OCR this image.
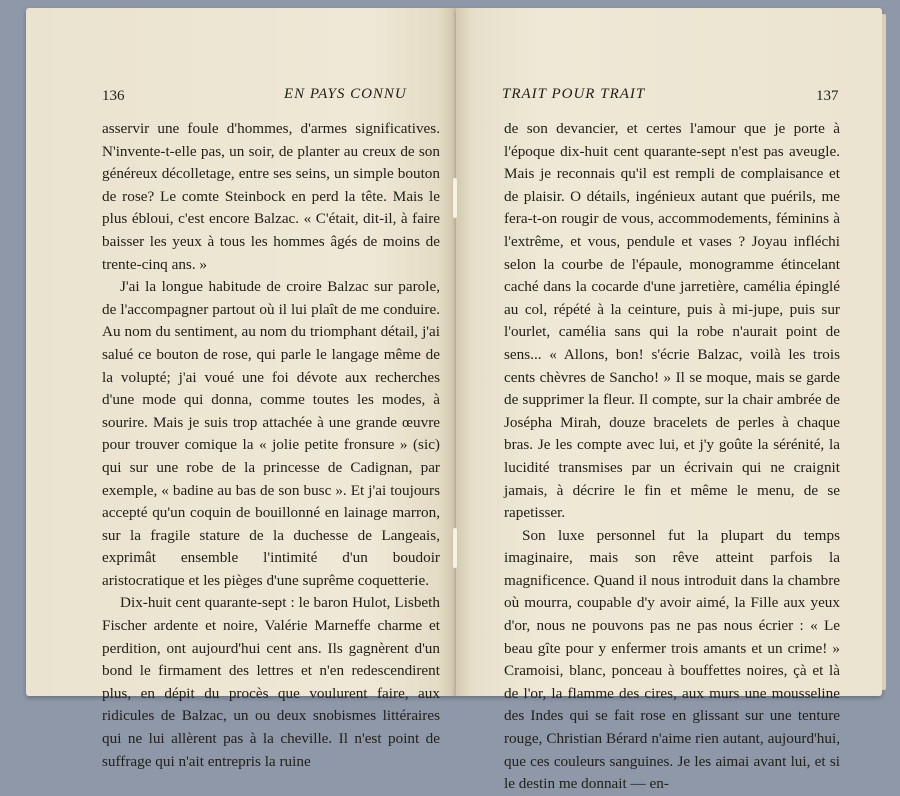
136	EN PAYS CONNU

asservir une foule d'hommes, d'armes significatives. N'invente-t-elle pas, un soir, de planter au creux de son généreux décolletage, entre ses seins, un simple bouton de rose? Le comte Steinbock en perd la tête. Mais le plus ébloui, c'est encore Balzac. « C'était, dit-il, à faire baisser les yeux à tous les hommes âgés de moins de trente-cinq ans. »

J'ai la longue habitude de croire Balzac sur parole, de l'accompagner partout où il lui plaît de me conduire. Au nom du sentiment, au nom du triomphant détail, j'ai salué ce bouton de rose, qui parle le langage même de la volupté; j'ai voué une foi dévote aux recherches d'une mode qui donna, comme toutes les modes, à sourire. Mais je suis trop attachée à une grande œuvre pour trouver comique la « jolie petite fronsure » (sic) qui sur une robe de la princesse de Cadignan, par exemple, « badine au bas de son busc ». Et j'ai toujours accepté qu'un coquin de bouillonné en lainage marron, sur la fragile stature de la duchesse de Langeais, exprimât ensemble l'intimité d'un boudoir aristocratique et les pièges d'une suprême coquetterie.

Dix-huit cent quarante-sept : le baron Hulot, Lisbeth Fischer ardente et noire, Valérie Marneffe charme et perdition, ont aujourd'hui cent ans. Ils gagnèrent d'un bond le firmament des lettres et n'en redescendirent plus, en dépit du procès que voulurent faire, aux ridicules de Balzac, un ou deux snobismes littéraires qui ne lui allèrent pas à la cheville. Il n'est point de suffrage qui n'ait entrepris la ruine

TRAIT POUR TRAIT	137

de son devancier, et certes l'amour que je porte à l'époque dix-huit cent quarante-sept n'est pas aveugle. Mais je reconnais qu'il est rempli de complaisance et de plaisir. O détails, ingénieux autant que puérils, me fera-t-on rougir de vous, accommodements, féminins à l'extrême, et vous, pendule et vases ? Joyau infléchi selon la courbe de l'épaule, monogramme étincelant caché dans la cocarde d'une jarretière, camélia épinglé au col, répété à la ceinture, puis à mi-jupe, puis sur l'ourlet, camélia sans qui la robe n'aurait point de sens... « Allons, bon! s'écrie Balzac, voilà les trois cents chèvres de Sancho! » Il se moque, mais se garde de supprimer la fleur. Il compte, sur la chair ambrée de Josépha Mirah, douze bracelets de perles à chaque bras. Je les compte avec lui, et j'y goûte la sérénité, la lucidité transmises par un écrivain qui ne craignit jamais, à décrire le fin et même le menu, de se rapetisser.

Son luxe personnel fut la plupart du temps imaginaire, mais son rêve atteint parfois la magnificence. Quand il nous introduit dans la chambre où mourra, coupable d'y avoir aimé, la Fille aux yeux d'or, nous ne pouvons pas ne pas nous écrier : « Le beau gîte pour y enfermer trois amants et un crime! » Cramoisi, blanc, ponceau à bouffettes noires, çà et là de l'or, la flamme des cires, aux murs une mousseline des Indes qui se fait rose en glissant sur une tenture rouge, Christian Bérard n'aime rien autant, aujourd'hui, que ces couleurs sanguines. Je les aimai avant lui, et si le destin me donnait — en-
